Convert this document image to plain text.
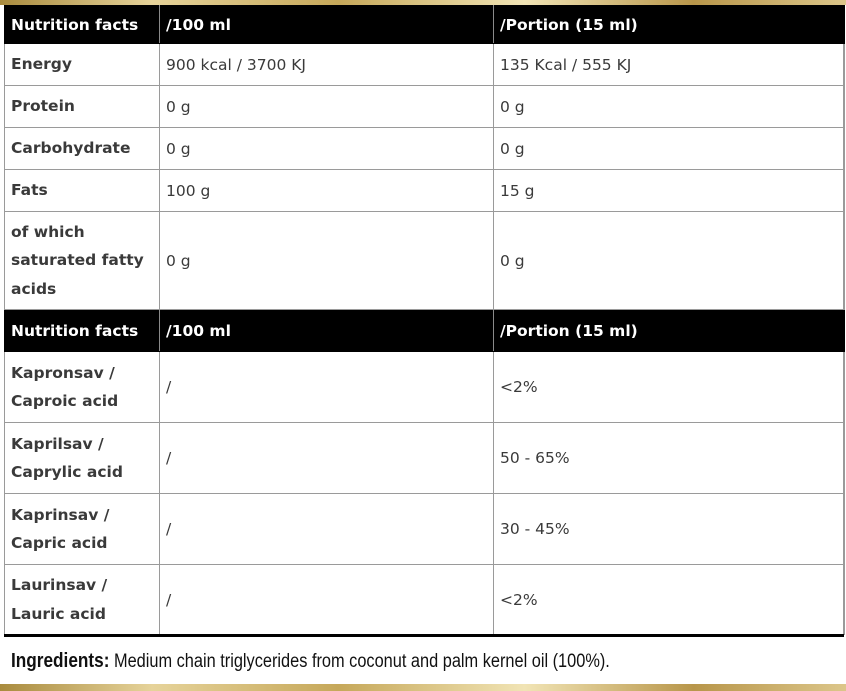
Nutrition facts	/100 ml	/Portion (15 ml)
Energy	900 kcal / 3700 KJ	135 Kcal / 555 KJ
Protein	0 g	0 g
Carbohydrate	0 g	0 g
Fats	100 g	15 g

of which
saturated fatty
acids	0 g	0 g
Nutrition facts	/100 ml	/Portion (15 ml)

Kapronsav /
Caproic acid	/	<2%

Kaprilsav /
Caprylic acid	/	50 - 65%

Kaprinsav /
Capric acid	/	30 - 45%

Laurinsav /
Lauric acid	/	<2%
Ingredients: Medium chain triglycerides from coconut and palm kernel oil (100%).
